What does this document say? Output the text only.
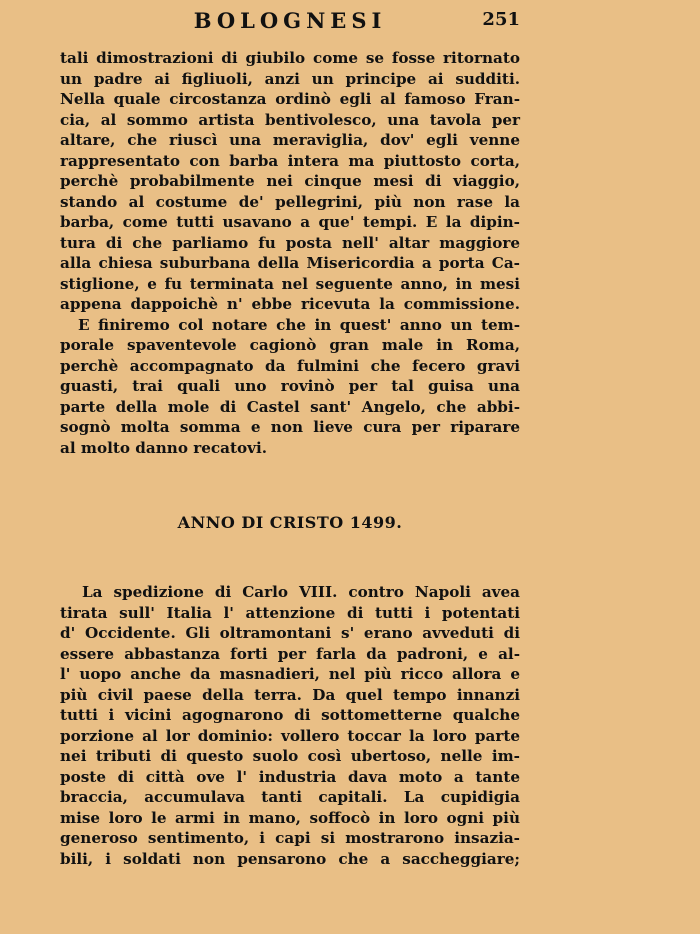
BOLOGNESI	251
tali dimostrazioni di giubilo come se fosse ritornato
un padre ai figliuoli, anzi un principe ai sudditi.
Nella quale circostanza ordinò egli al famoso Fran-
cia, al sommo artista bentivolesco, una tavola per
altare, che riuscì una meraviglia, dov' egli venne
rappresentato con barba intera ma piuttosto corta,
perchè probabilmente nei cinque mesi di viaggio,
stando al costume de' pellegrini, più non rase la
barba, come tutti usavano a que' tempi. E la dipin-
tura di che parliamo fu posta nell' altar maggiore
alla chiesa suburbana della Misericordia a porta Ca-
stiglione, e fu terminata nel seguente anno, in mesi
appena dappoichè n' ebbe ricevuta la commissione.
E finiremo col notare che in quest' anno un tem-
porale spaventevole cagionò gran male in Roma,
perchè accompagnato da fulmini che fecero gravi
guasti, trai quali uno rovinò per tal guisa una
parte della mole di Castel sant' Angelo, che abbi-
sognò molta somma e non lieve cura per riparare
al molto danno recatovi.
ANNO DI CRISTO 1499.
La spedizione di Carlo VIII. contro Napoli avea
tirata sull' Italia l' attenzione di tutti i potentati
d' Occidente. Gli oltramontani s' erano avveduti di
essere abbastanza forti per farla da padroni, e al-
l' uopo anche da masnadieri, nel più ricco allora e
più civil paese della terra. Da quel tempo innanzi
tutti i vicini agognarono di sottometterne qualche
porzione al lor dominio: vollero toccar la loro parte
nei tributi di questo suolo così ubertoso, nelle im-
poste di città ove l' industria dava moto a tante
braccia, accumulava tanti capitali. La cupidigia
mise loro le armi in mano, soffocò in loro ogni più
generoso sentimento, i capi si mostrarono insazia-
bili, i soldati non pensarono che a saccheggiare;
